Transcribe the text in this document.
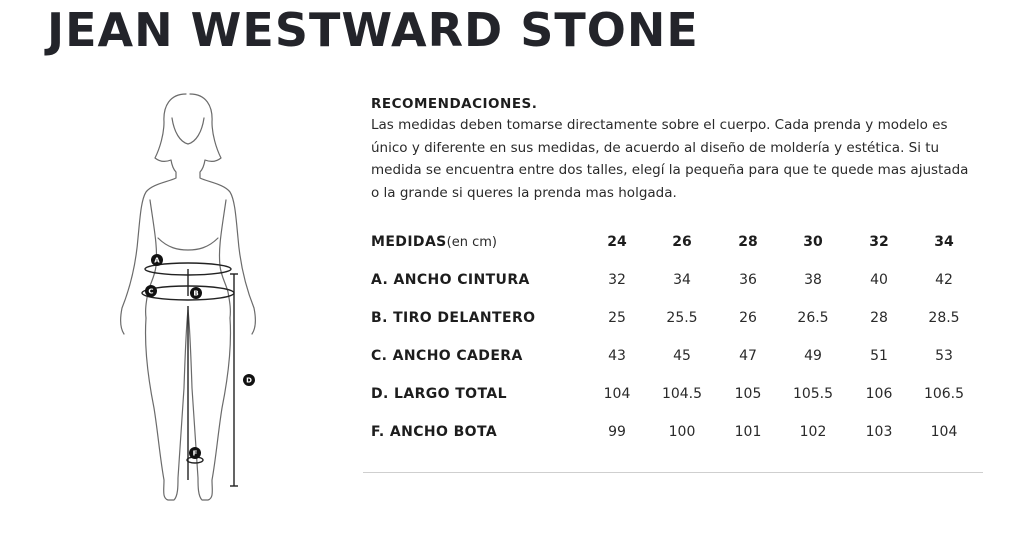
JEAN WESTWARD STONE
A
C	B
D
F

RECOMENDACIONES.

Las medidas deben tomarse directamente sobre el cuerpo. Cada prenda y modelo es único y diferente en sus medidas, de acuerdo al diseño de moldería y estética. Si tu medida se encuentra entre dos talles, elegí la pequeña para que te quede mas ajustada o la grande si queres la prenda mas holgada.

MEDIDAS(en cm)	24	26	28	30	32	34
A. ANCHO CINTURA	32	34	36	38	40	42
B. TIRO DELANTERO	25	25.5	26	26.5	28	28.5
C. ANCHO CADERA	43	45	47	49	51	53
D. LARGO TOTAL	104	104.5	105	105.5	106	106.5
F. ANCHO BOTA	99	100	101	102	103	104
